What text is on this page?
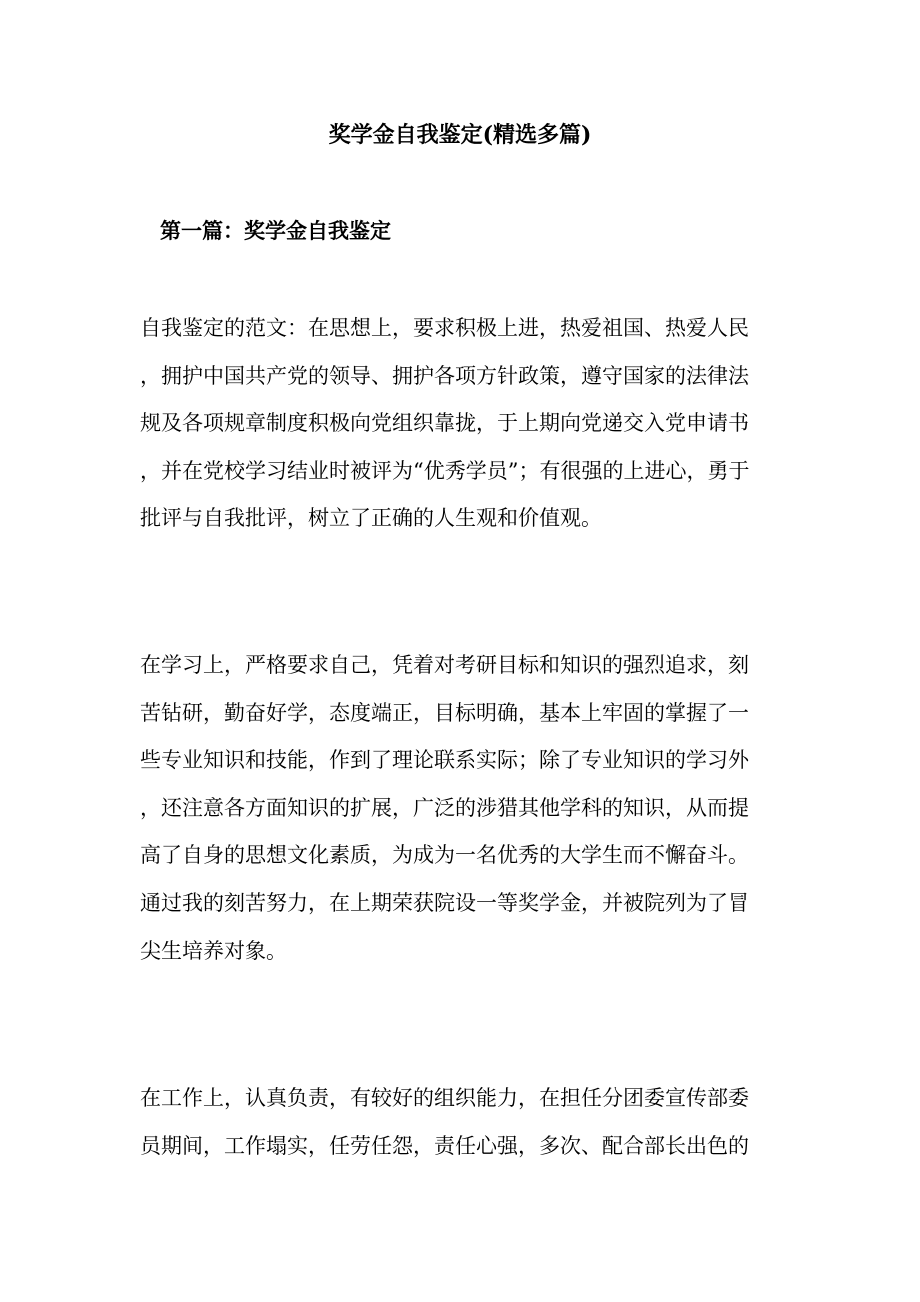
奖学金自我鉴定(精选多篇)
第一篇：奖学金自我鉴定
自我鉴定的范文：在思想上，要求积极上进，热爱祖国、热爱人民
，拥护中国共产党的领导、拥护各项方针政策，遵守国家的法律法
规及各项规章制度积极向党组织靠拢，于上期向党递交入党申请书
，并在党校学习结业时被评为“优秀学员”；有很强的上进心，勇于
批评与自我批评，树立了正确的人生观和价值观。
在学习上，严格要求自己，凭着对考研目标和知识的强烈追求，刻
苦钻研，勤奋好学，态度端正，目标明确，基本上牢固的掌握了一
些专业知识和技能，作到了理论联系实际；除了专业知识的学习外
，还注意各方面知识的扩展，广泛的涉猎其他学科的知识，从而提
高了自身的思想文化素质，为成为一名优秀的大学生而不懈奋斗。
通过我的刻苦努力，在上期荣获院设一等奖学金，并被院列为了冒
尖生培养对象。
在工作上，认真负责，有较好的组织能力，在担任分团委宣传部委
员期间，工作塌实，任劳任怨，责任心强，多次、配合部长出色的
